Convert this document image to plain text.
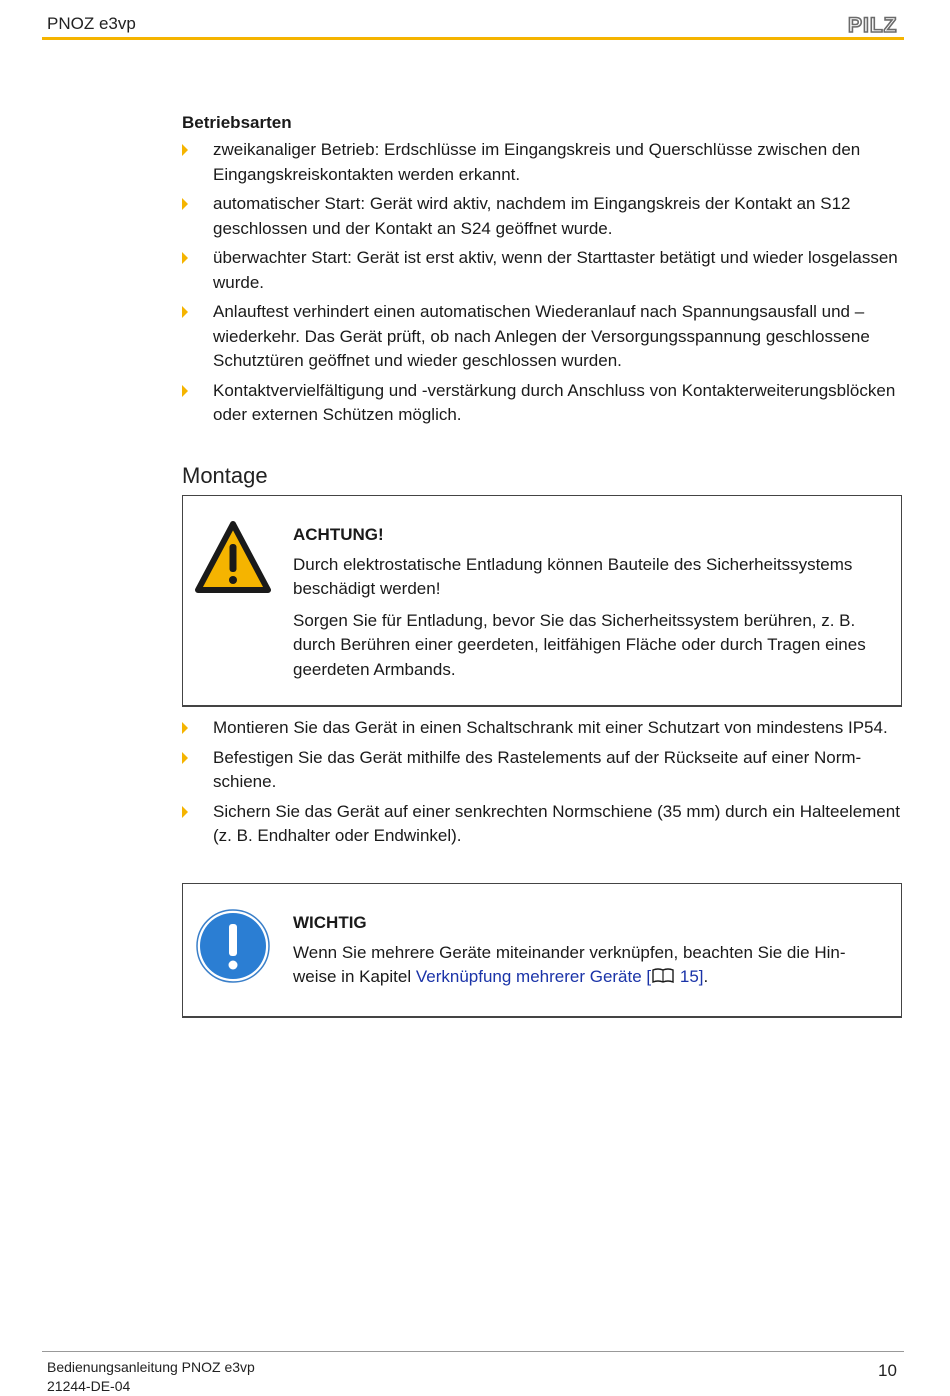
PNOZ e3vp	PILZ
Betriebsarten
zweikanaliger Betrieb: Erdschlüsse im Eingangskreis und Querschlüsse zwischen den Eingangskreiskontakten werden erkannt.
automatischer Start: Gerät wird aktiv, nachdem im Eingangskreis der Kontakt an S12 geschlossen und der Kontakt an S24 geöffnet wurde.
überwachter Start: Gerät ist erst aktiv, wenn der Starttaster betätigt und wieder losgelassen wurde.
Anlauftest verhindert einen automatischen Wiederanlauf nach Spannungsausfall und –wiederkehr. Das Gerät prüft, ob nach Anlegen der Versorgungsspannung geschlossene Schutztüren geöffnet und wieder geschlossen wurden.
Kontaktvervielfältigung und -verstärkung durch Anschluss von Kontakterweiterungsblöcken oder externen Schützen möglich.
Montage
ACHTUNG!

Durch elektrostatische Entladung können Bauteile des Sicherheitssystems beschädigt werden!

Sorgen Sie für Entladung, bevor Sie das Sicherheitssystem berühren, z. B. durch Berühren einer geerdeten, leitfähigen Fläche oder durch Tragen eines geerdeten Armbands.

Montieren Sie das Gerät in einen Schaltschrank mit einer Schutzart von mindestens IP54.
Befestigen Sie das Gerät mithilfe des Rastelements auf der Rückseite auf einer Normschiene.
Sichern Sie das Gerät auf einer senkrechten Normschiene (35 mm) durch ein Halteelement (z. B. Endhalter oder Endwinkel).
WICHTIG

Wenn Sie mehrere Geräte miteinander verknüpfen, beachten Sie die Hinweise in Kapitel Verknüpfung mehrerer Geräte [ 15].

Bedienungsanleitung PNOZ e3vp
21244-DE-04
10
